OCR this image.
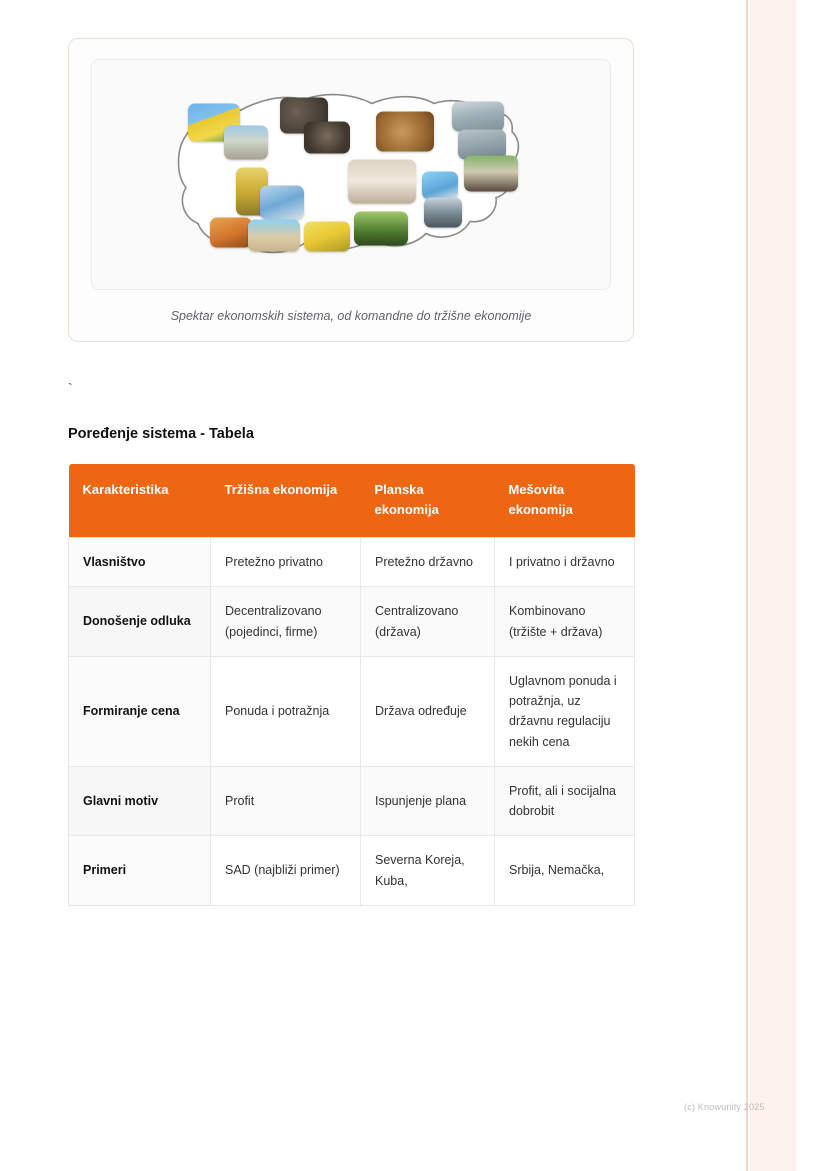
Spektar ekonomskih sistema, od komandne do tržišne ekonomije
`
Poređenje sistema - Tabela
Karakteristika	Tržišna ekonomija	Planska ekonomija	Mešovita ekonomija
Vlasništvo	Pretežno privatno	Pretežno državno	I privatno i državno
Donošenje odluka	Decentralizovano (pojedinci, firme)	Centralizovano (država)	Kombinovano (tržište + država)
Formiranje cena	Ponuda i potražnja	Država određuje	Uglavnom ponuda i potražnja, uz državnu regulaciju nekih cena
Glavni motiv	Profit	Ispunjenje plana	Profit, ali i socijalna dobrobit
Primeri	SAD (najbliži primer)	Severna Koreja, Kuba,	Srbija, Nemačka,
(c) Knowunity 2025
